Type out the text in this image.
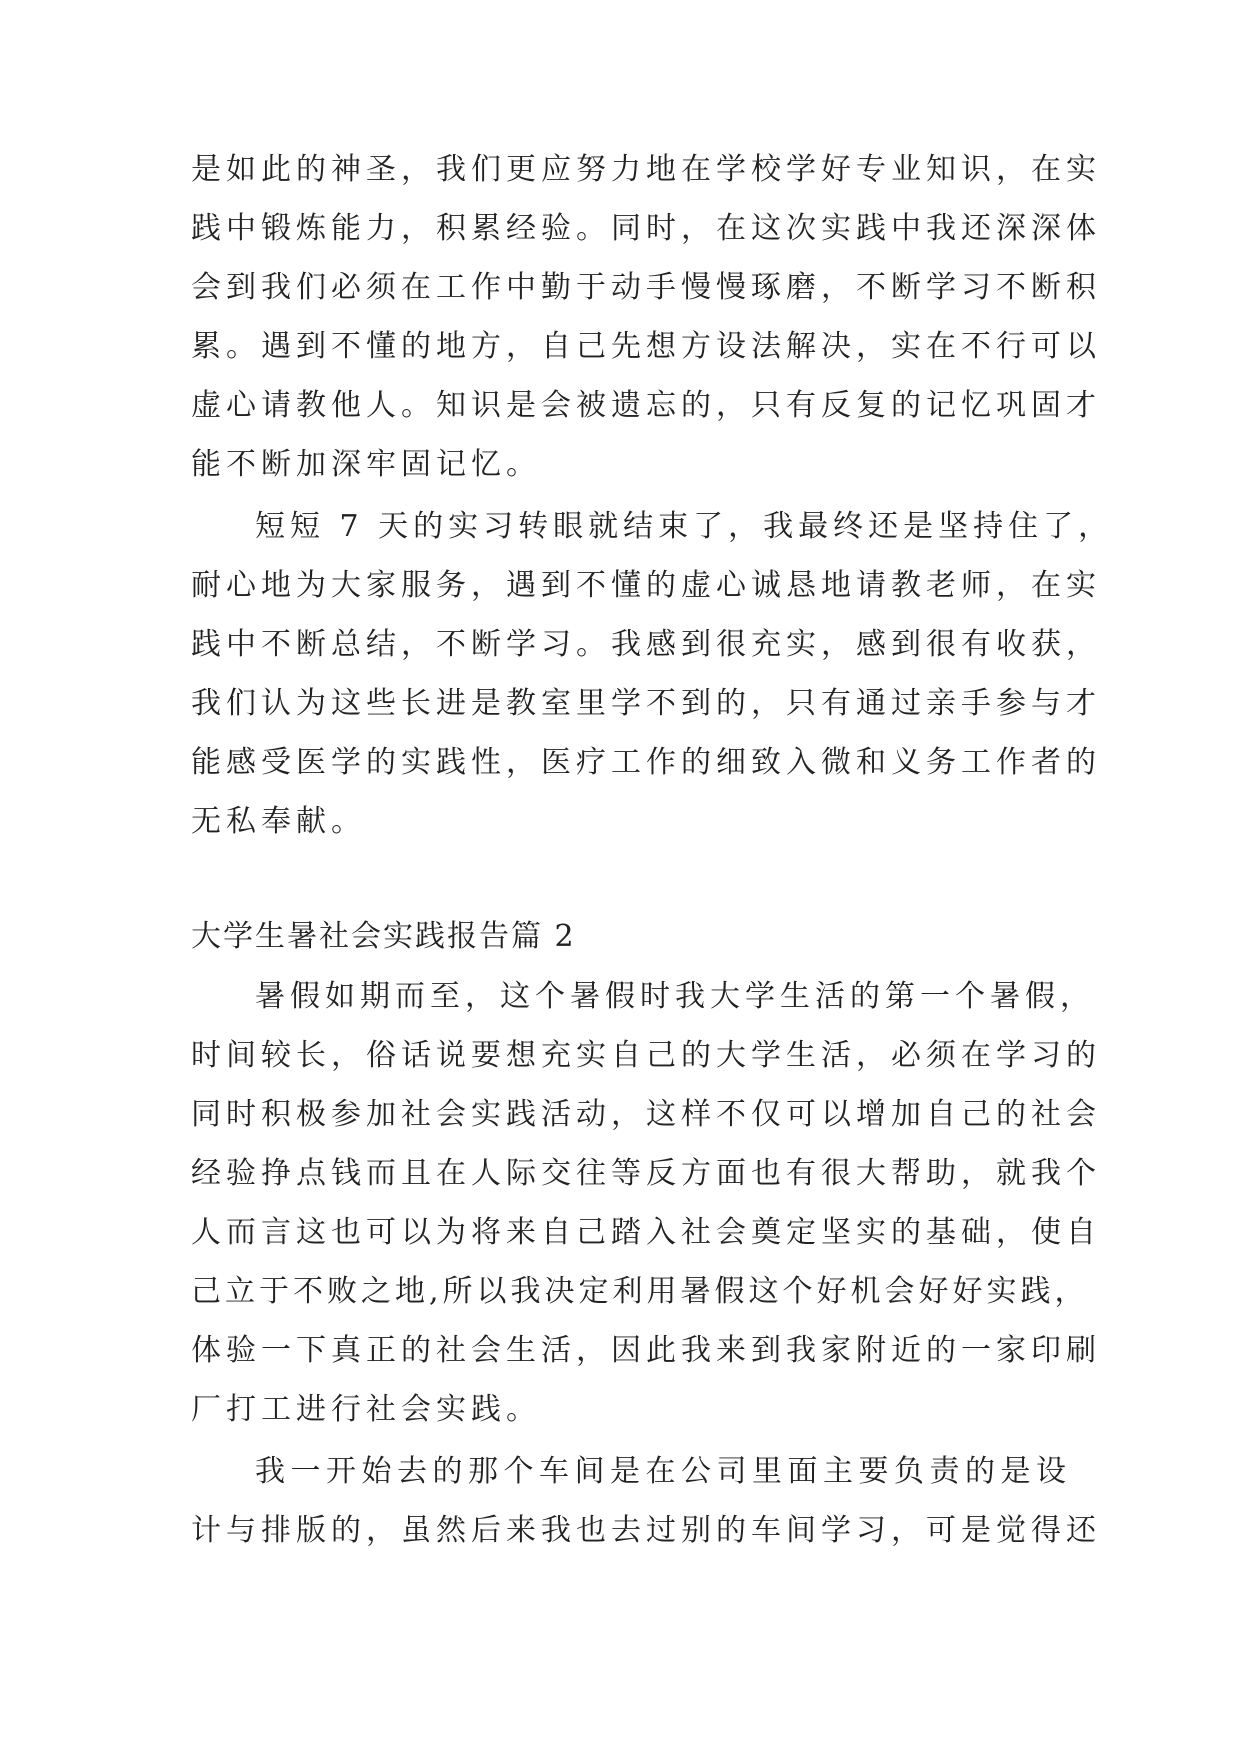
是如此的神圣，我们更应努力地在学校学好专业知识，在实
践中锻炼能力，积累经验。同时，在这次实践中我还深深体
会到我们必须在工作中勤于动手慢慢琢磨，不断学习不断积
累。遇到不懂的地方，自己先想方设法解决，实在不行可以
虚心请教他人。知识是会被遗忘的，只有反复的记忆巩固才
能不断加深牢固记忆。
短短 7 天的实习转眼就结束了，我最终还是坚持住了，
耐心地为大家服务，遇到不懂的虚心诚恳地请教老师，在实
践中不断总结，不断学习。我感到很充实，感到很有收获，
我们认为这些长进是教室里学不到的，只有通过亲手参与才
能感受医学的实践性，医疗工作的细致入微和义务工作者的
无私奉献。
大学生暑社会实践报告篇 2
暑假如期而至，这个暑假时我大学生活的第一个暑假，
时间较长，俗话说要想充实自己的大学生活，必须在学习的
同时积极参加社会实践活动，这样不仅可以增加自己的社会
经验挣点钱而且在人际交往等反方面也有很大帮助，就我个
人而言这也可以为将来自己踏入社会奠定坚实的基础，使自
己立于不败之地,所以我决定利用暑假这个好机会好好实践，
体验一下真正的社会生活，因此我来到我家附近的一家印刷
厂打工进行社会实践。
我一开始去的那个车间是在公司里面主要负责的是设
计与排版的，虽然后来我也去过别的车间学习，可是觉得还
